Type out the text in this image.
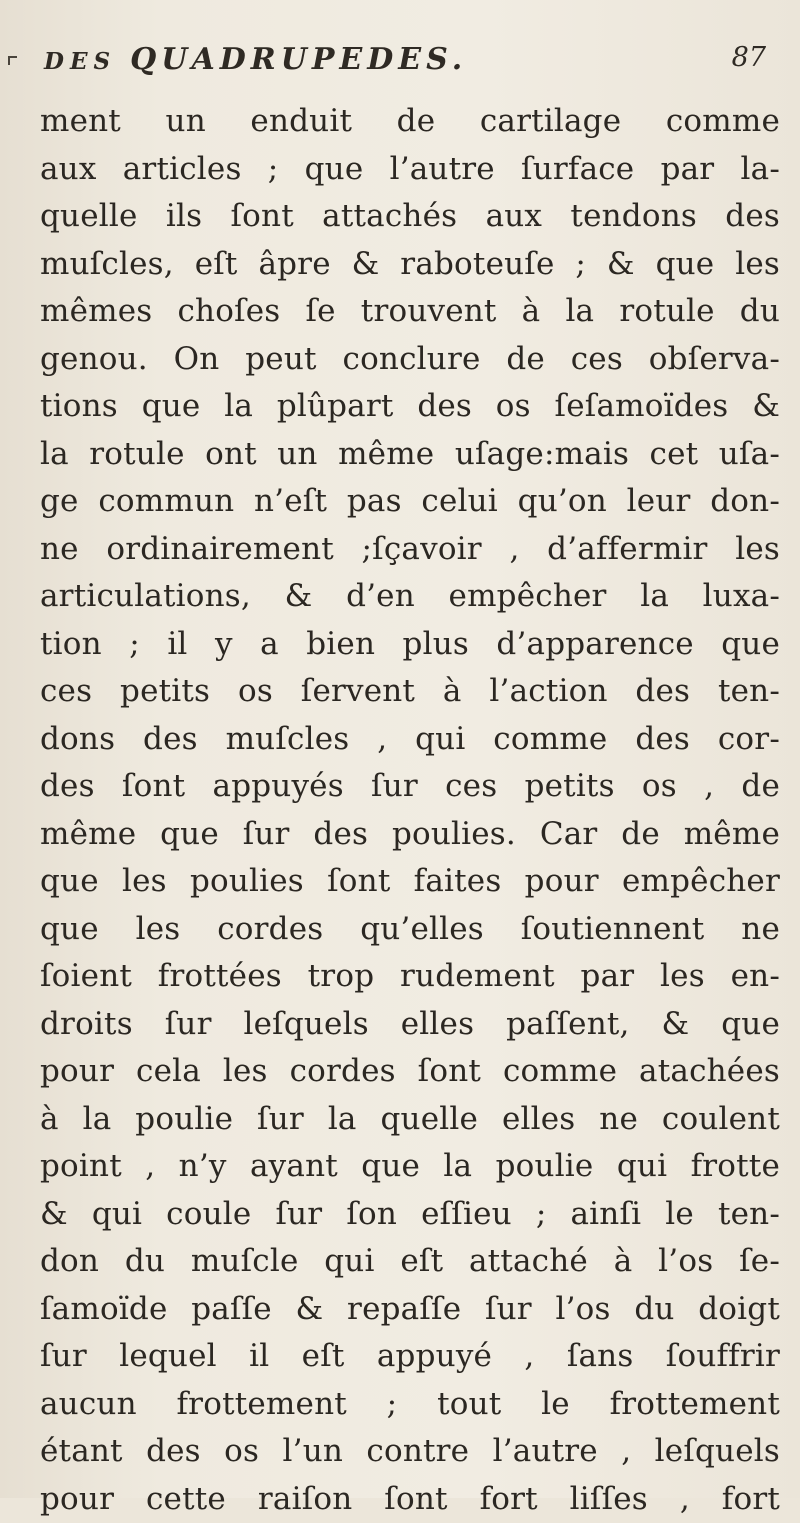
DES QUADRUPEDES.	87
ment un enduit de cartilage comme
aux articles ; que l’autre ſurface par la-
quelle ils ſont attachés aux tendons des
muſcles, eſt âpre & raboteuſe ; & que les
mêmes choſes ſe trouvent à la rotule du
genou. On peut conclure de ces obſerva-
tions que la plûpart des os ſeſamoïdes &
la rotule ont un même uſage:mais cet uſa-
ge commun n’eſt pas celui qu’on leur don-
ne ordinairement ;ſçavoir , d’affermir les
articulations, & d’en empêcher la luxa-
tion ; il y a bien plus d’apparence que
ces petits os ſervent à l’action des ten-
dons des muſcles , qui comme des cor-
des ſont appuyés ſur ces petits os , de
même que ſur des poulies. Car de même
que les poulies ſont faites pour empêcher
que les cordes qu’elles ſoutiennent ne
ſoient frottées trop rudement par les en-
droits ſur leſquels elles paſſent, & que
pour cela les cordes ſont comme atachées
à la poulie ſur la quelle elles ne coulent
point , n’y ayant que la poulie qui frotte
& qui coule ſur ſon eſſieu ; ainſi le ten-
don du muſcle qui eſt attaché à l’os ſe-
ſamoïde paſſe & repaſſe ſur l’os du doigt
ſur lequel il eſt appuyé , ſans ſouffrir
aucun frottement ; tout le frottement
étant des os l’un contre l’autre , leſquels
pour cette raiſon ſont fort liſſes , fort
